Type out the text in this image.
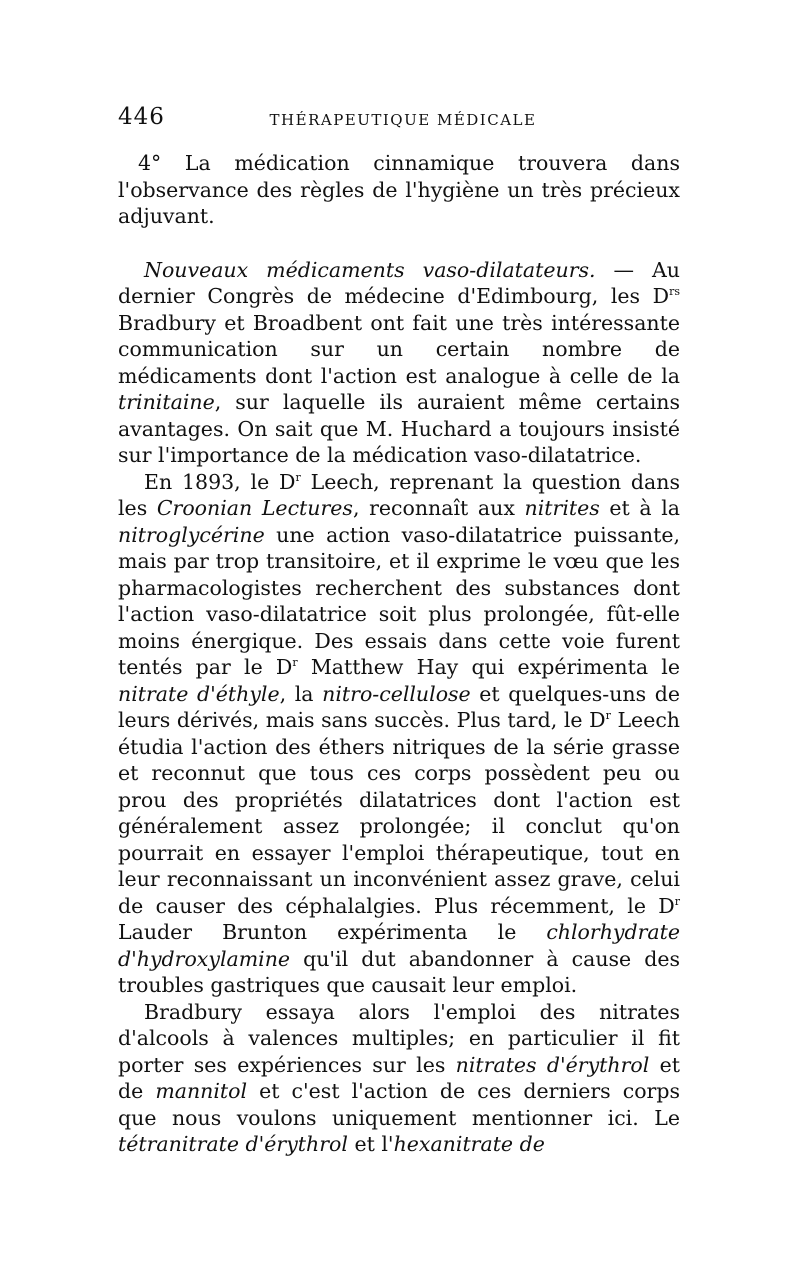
446	THÉRAPEUTIQUE MÉDICALE

4° La médication cinnamique trouvera dans l'observance des règles de l'hygiène un très précieux adjuvant.

Nouveaux médicaments vaso-dilatateurs. — Au dernier Congrès de médecine d'Edimbourg, les $D^{rs}$ Bradbury et Broadbent ont fait une très intéressante communication sur un certain nombre de médicaments dont l'action est analogue à celle de la trinitaine, sur laquelle ils auraient même certains avantages. On sait que M. Huchard a toujours insisté sur l'importance de la médication vaso-dilatatrice.

En 1893, le $D^r$ Leech, reprenant la question dans les Croonian Lectures, reconnaît aux nitrites et à la nitroglycérine une action vaso-dilatatrice puissante, mais par trop transitoire, et il exprime le vœu que les pharmacologistes recherchent des substances dont l'action vaso-dilatatrice soit plus prolongée, fût-elle moins énergique. Des essais dans cette voie furent tentés par le $D^r$ Matthew Hay qui expérimenta le nitrate d'éthyle, la nitro-cellulose et quelques-uns de leurs dérivés, mais sans succès. Plus tard, le $D^r$ Leech étudia l'action des éthers nitriques de la série grasse et reconnut que tous ces corps possèdent peu ou prou des propriétés dilatatrices dont l'action est généralement assez prolongée; il conclut qu'on pourrait en essayer l'emploi thérapeutique, tout en leur reconnaissant un inconvénient assez grave, celui de causer des céphalalgies. Plus récemment, le $D^r$ Lauder Brunton expérimenta le chlorhydrate d'hydroxylamine qu'il dut abandonner à cause des troubles gastriques que causait leur emploi.

Bradbury essaya alors l'emploi des nitrates d'alcools à valences multiples; en particulier il fit porter ses expériences sur les nitrates d'érythrol et de mannitol et c'est l'action de ces derniers corps que nous voulons uniquement mentionner ici. Le tétranitrate d'érythrol et l'hexanitrate de
